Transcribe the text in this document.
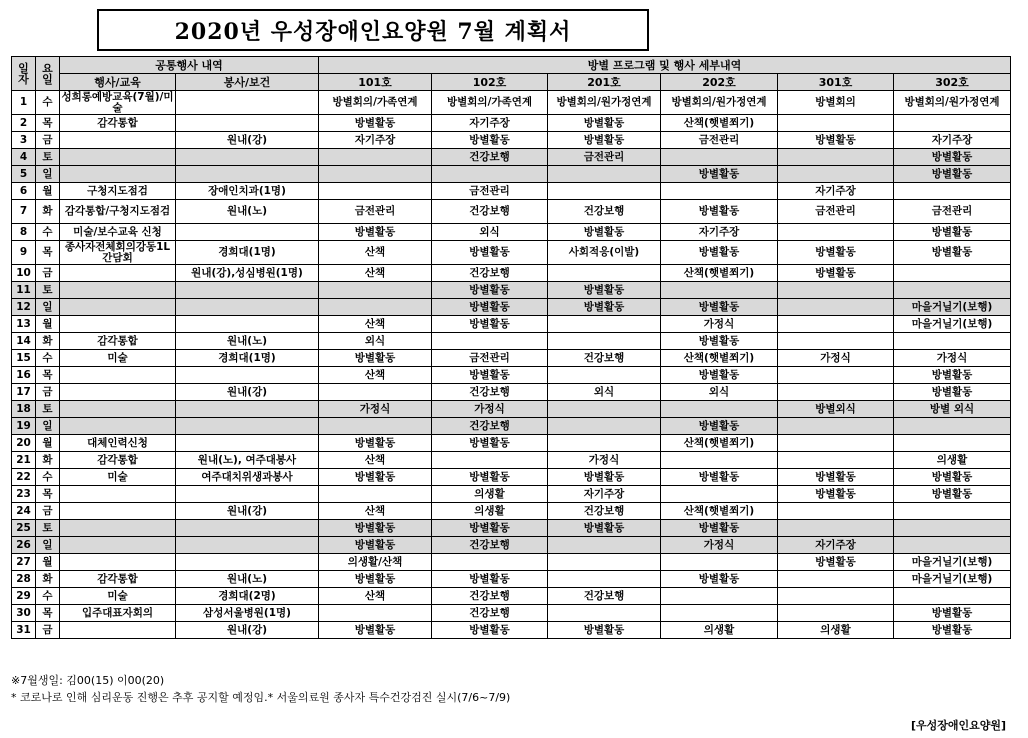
2020년 우성장애인요양원 7월 계획서
일
자	요
일	공통행사 내역		방별 프로그램 및 행사 세부내역					
		행사/교육	봉사/보건	101호	102호	201호	202호	301호	302호
1	수	성희롱예방교육(7월)/미술		방별회의/가족연계	방별회의/가족연계	방별회의/원가정연계	방별회의/원가정연계	방별회의	방별회의/원가정연계
2	목	감각통합		방별활동	자기주장	방별활동	산책(햇볕쬐기)		
3	금		원내(강)	자기주장	방별활동	방별활동	금전관리	방별활동	자기주장
4	토				건강보행	금전관리			방별활동
5	일						방별활동		방별활동
6	월	구청지도점검	장애인치과(1명)		금전관리			자기주장	
7	화	감각통합/구청지도점검	원내(노)	금전관리	건강보행	건강보행	방별활동	금전관리	금전관리
8	수	미술/보수교육 신청		방별활동	외식	방별활동	자기주장		방별활동
9	목	종사자전체회의강동1L간담회	경희대(1명)	산책	방별활동	사회적응(이발)	방별활동	방별활동	방별활동
10	금		원내(강),성심병원(1명)	산책	건강보행		산책(햇볕쬐기)	방별활동	
11	토				방별활동	방별활동			
12	일				방별활동	방별활동	방별활동		마을거닐기(보행)
13	월			산책	방별활동		가정식		마을거닐기(보행)
14	화	감각통합	원내(노)	외식			방별활동		
15	수	미술	경희대(1명)	방별활동	금전관리	건강보행	산책(햇볕쬐기)	가정식	가정식
16	목			산책	방별활동		방별활동		방별활동
17	금		원내(강)		건강보행	외식	외식		방별활동
18	토			가정식	가정식			방별외식	방별 외식
19	일				건강보행		방별활동		
20	월	대체인력신청		방별활동	방별활동		산책(햇볕쬐기)		
21	화	감각통합	원내(노), 여주대봉사	산책		가정식			의생활
22	수	미술	여주대치위생과봉사	방별활동	방별활동	방별활동	방별활동	방별활동	방별활동
23	목				의생활	자기주장		방별활동	방별활동
24	금		원내(강)	산책	의생활	건강보행	산책(햇볕쬐기)		
25	토			방별활동	방별활동	방별활동	방별활동		
26	일			방별활동	건강보행		가정식	자기주장	
27	월			의생활/산책				방별활동	마을거닐기(보행)
28	화	감각통합	원내(노)	방별활동	방별활동		방별활동		마을거닐기(보행)
29	수	미술	경희대(2명)	산책	건강보행	건강보행			
30	목	입주대표자회의	삼성서울병원(1명)		건강보행				방별활동
31	금		원내(강)	방별활동	방별활동	방별활동	의생활	의생활	방별활동
※7월생일: 김00(15) 이00(20)
* 코로나로 인해 심리운동 진행은 추후 공지할 예정임.* 서울의료원 종사자 특수건강검진 실시(7/6~7/9)
[우성장애인요양원]
